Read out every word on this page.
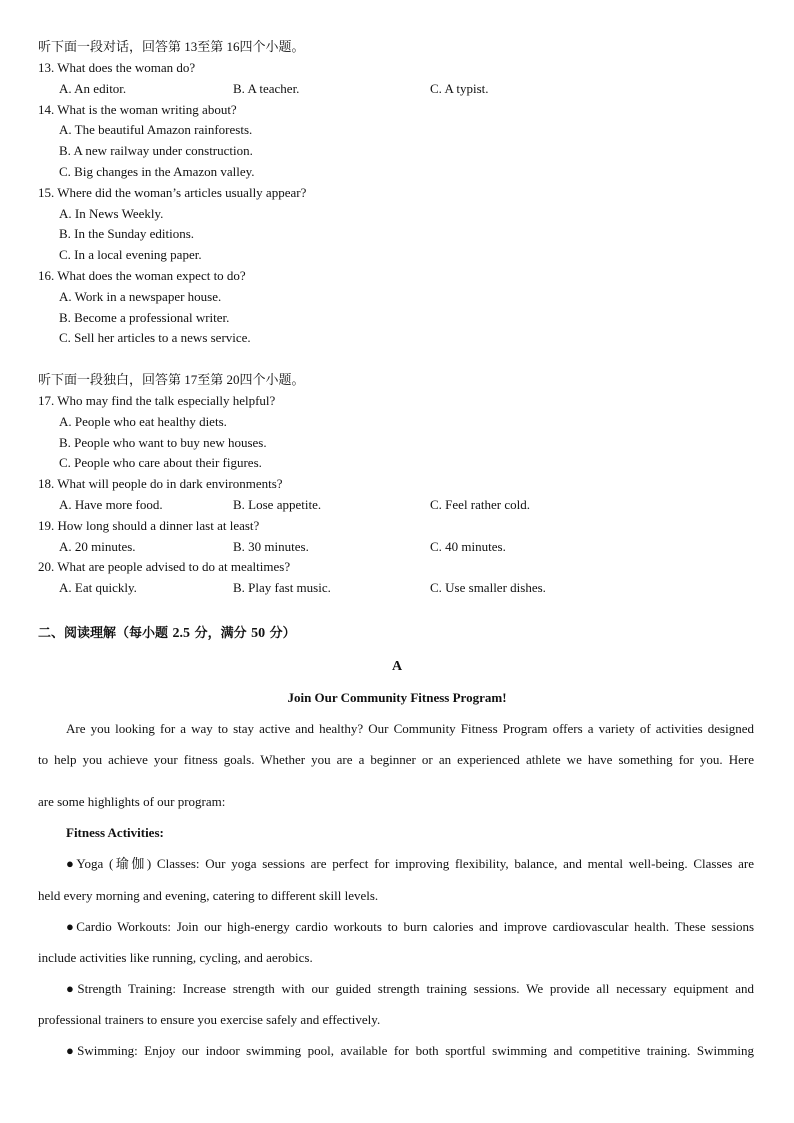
听下面一段对话，回答第 13至第 16四个小题。
13. What does the woman do?
A. An editor.	B. A teacher.	C. A typist.
14. What is the woman writing about?
A. The beautiful Amazon rainforests.
B. A new railway under construction.
C. Big changes in the Amazon valley.
15. Where did the woman’s articles usually appear?
A. In News Weekly.
B. In the Sunday editions.
C. In a local evening paper.
16. What does the woman expect to do?
A. Work in a newspaper house.
B. Become a professional writer.
C. Sell her articles to a news service.
听下面一段独白，回答第 17至第 20四个小题。
17. Who may find the talk especially helpful?
A. People who eat healthy diets.
B. People who want to buy new houses.
C. People who care about their figures.
18. What will people do in dark environments?
A. Have more food.	B. Lose appetite.	C. Feel rather cold.
19. How long should a dinner last at least?
A. 20 minutes.	B. 30 minutes.	C. 40 minutes.
20. What are people advised to do at mealtimes?
A. Eat quickly.	B. Play fast music.	C. Use smaller dishes.
二、阅读理解（每小题 2.5 分，满分 50 分）
A
Join Our Community Fitness Program!
Are you looking for a way to stay active and healthy? Our Community Fitness Program offers a variety of activities designed
to help you achieve your fitness goals. Whether you are a beginner or an experienced athlete we have something for you. Here
are some highlights of our program:
Fitness Activities:
●Yoga (瑜伽) Classes: Our yoga sessions are perfect for improving flexibility, balance, and mental well-being. Classes are
held every morning and evening, catering to different skill levels.
●Cardio Workouts: Join our high-energy cardio workouts to burn calories and improve cardiovascular health. These sessions
include activities like running, cycling, and aerobics.
●Strength Training: Increase strength with our guided strength training sessions. We provide all necessary equipment and
professional trainers to ensure you exercise safely and effectively.
●Swimming: Enjoy our indoor swimming pool, available for both sportful swimming and competitive training. Swimming
